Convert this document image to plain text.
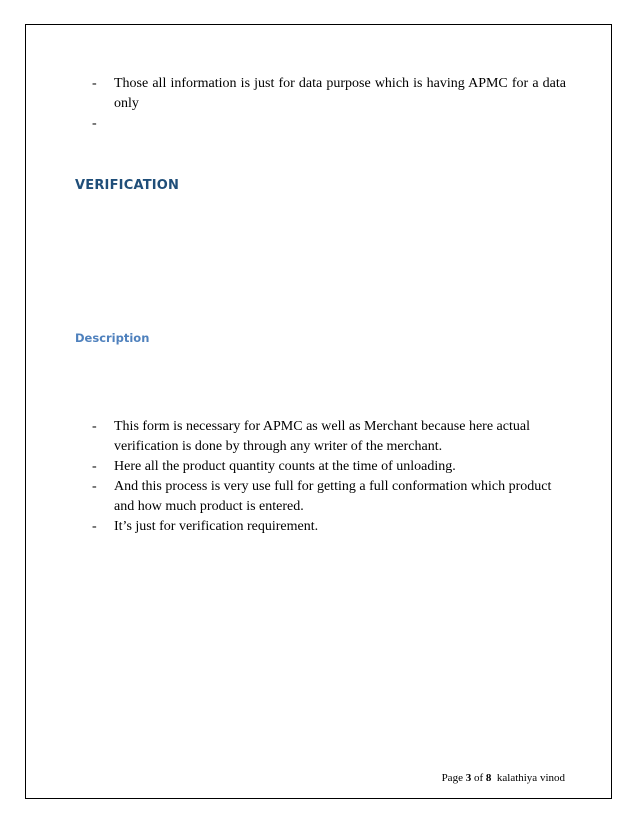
- Those all information is just for data purpose which is having APMC for a data only
-
VERIFICATION
Description
- This form is necessary for APMC as well as Merchant because here actual verification is done by through any writer of the merchant.
- Here all the product quantity counts at the time of unloading.
- And this process is very use full for getting a full conformation which product and how much product is entered.
- It’s just for verification requirement.
Page 3 of 8 kalathiya vinod
